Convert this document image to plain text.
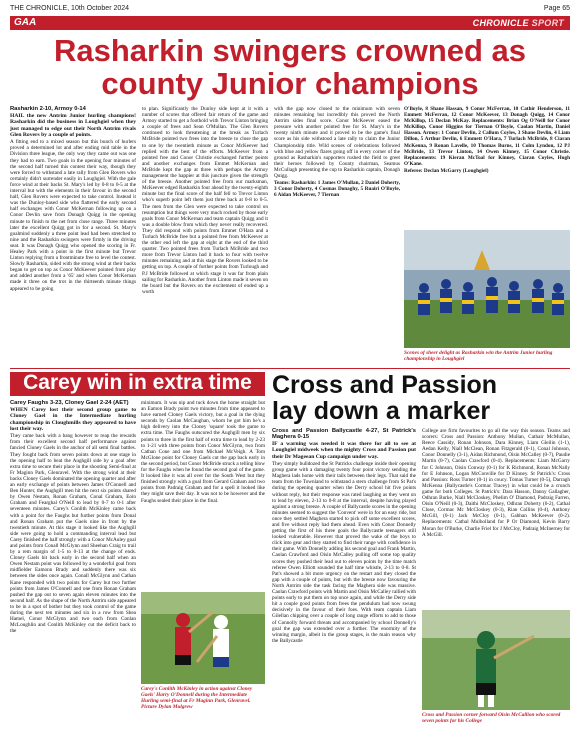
THE CHRONICLE, 10th October 2024	Page 65
GAA	CHRONICLE SPORT
Rasharkin swingers crowned as county Junior champions

Rasharkin 2-10, Armoy 0-14

HAIL the new Antrim Junior hurling champions! Rasharkin did the business in Loughgiel when they just managed to edge out their North Antrim rivals Glen Rovers by a couple of points.

A fitting end to a mixed season but this bunch of hurlers proved a determined lot and after ending mid table in the Division three league, the only way they came out was one they had to earn. Two goals in the opening four minutes of the second half turned this contest their way, though they were forced to withstand a late rally from Glen Rovers who certainly didn't surrender easily in Loughgiel. With the gale force wind at their backs St. Mary's led by 0-8 to 0-5 at the interval but with the elements in their favour in the second half, Glen Rovers were expected to take control. Instead it was the Dunloy-based side who flattered the early second half exchanges with Conor McKernan following up on a Conor Devlin save from Donagh Quigg in the opening minute to finish to the net from close range. Three minutes later the excellent Quigg got in for a second. St. Mary's goalmind suddenly a three point lead had been stretched to nine and the Rasharkin swingers were firmly in the driving seat. It was Donagh Quigg who opened the scoring in Fr. Healey Park with a point in the first minute but Trevor Linton replying from a frontminute free to level the contest. Slowly Rasharkin, sided with the strong wind at their backs began to get on top as Conor McKeever pointed from play and added another from a '65' and when Conor McKernan made it three on the trot in the thirteenth minute things appeared to be going

to plan. Significantly the Dunloy side kept at it with a number of scores that offered fair return of the game and Armoy started to get a foothold with Trevor Linton bringing a couple of frees and Sean O'Mullan. The Glen Rovers continued to look threatening at the break as Turlach McBride pointed two frees into the breeze to close the gap to one by the twentieth minute as Conor McKeever had replied with the best of the efforts. McKeever from a pointed free and Conor Christie exchanged further points and another exchanges from Emmet McKernan and McBride kept the gap at three with perhaps the Armoy management the happier at this juncture given the strength of the breeze. Another pointed free from our marksman, McKeever edged Rasharkin four ahead by the twenty-eighth minute but the final score of the half fell to Trevor Linton who's superb point left them just three back at 0-8 to 0-5. The men from the Glen were expected to take control on resumption but things were very much rocked by those early goals from Conor McKernan and team captain Quigg and it was a double blow from which they never really recovered. They did respond with points from Emmet O'Hara and a Turlach McBride free but a pointed free from McKeever at the other end left the gap at eight at the end of the third quarter. Two pointed frees from Turlach McBride and two more from Trevor Linton had it back to four with twelve minutes remaining and at this stage the Rovers looked to be getting on top. A couple of further points from Turlough and P.J McBride followed at which stage it was far from plain sailing for Rasharkin. Another from Linton made it seven on the board but the Rovers on the excitement of ended up a worth

with the gap now closed to the minimum with seven minutes remaining but incredibly this proved the North Antrim sides final score. Conor McKeever eased the pressure with another pointed free for St. Mary's in the twenty ninth minute and it proved to be the game's final score as his side withstood a late rally to claim the Junior Championship title. Wild scenes of celebrations followed with blue and yellow flares going off in every corner of the ground as Rasharkin's supporters rushed the field to greet their heroes followed by County chairman, Seamus McCullagh presenting the cup to Rasharkin captain, Donagh Quigg.

Teams: Rasharkin: 1 James O'Mullan, 2 Daniel Doherty, 3 Conor Doherty, 4 Cosmas Donaghy, 5 Ruairi O'Boyle, 6 Aidan McKeever, 7 Tiernan

O'Boyle, 8 Shane Hassan, 9 Conor McFerran, 10 Cathir Henderson, 11 Emmett McFerran, 12 Conor McKeever, 13 Donagh Quigg, 14 Conor McKillop, 15 Declan McKay. Replacements: Brian Og O'Neill for Conor McKillop, Conor Higgins for Tiernan O'Boyle, Caolan Martin, Daniel Hasson. Armoy: 1 Conor Devlin, 2 Callum Coyles, 3 Shane Devlin, 4 Liam Dillon, 5 Arthur Devlin, 6 Emmett O'Hara, 7 Turlach McBride, 8 Ciaran McKenna, 9 Ronan Lavelle, 10 Thomas Burns, 11 Colm Lyndon, 12 PJ McBride, 13 Trevor Linton, 14 Owen Kinney, 15 Conor Christie. Replacements: 19 Kieran McToal for Kinney, Ciaran Coyles, Hugh O'Kane.

Referee: Declan McGarry (Loughgiel)

Scenes of sheer delight as Rasharkin win the Antrim Junior hurling championship in Loughgiel
Carey win in extra time

Carey Faughs 3-23, Cloney Gael 2-24 (AET)

WHEN Carey lost their second group game to Cloney Gael in the Intermediate hurling championship in Cloughmills they appeared to have lost their way.

They came back with a bang however to reap the rewards from their excellent second half performance against fancied Cloney Gaels in the anchor of all semi final battles. They fought back from seven points down at one stage in the opening half to beat the Aughgill side by a goal after extra time to secure their place in the shooting Semi-final at Fr Maginn Park, Glenravel. With the strong wind at their backs Cloney Gaels dominated the opening quarter and after an early exchange of points between James O'Connell and Ben Hunter, the Aughgill men hit the next six points shared by Owen Nestam, Ronan Graham, Conal Graham, Eoin Graham and Fearghal O'Neill to lead by 0-7 to 0-1 after seventeen minutes. Carey's Conlith McKinley came back with a point for the Faughs but further points from Donal and Ronan Graham put the Gaels nine in front by the twentieth minute. At this stage it looked like the Aughgill side were going to hold a commanding interval lead but Carey finished the half strongly with a Conor McAuley goal and points from Conall McGlynn and Sheehan Craig to trail by a rem margin of 1-5 to 0-13 at the change of ends. Cloney Gaels hit back early in the second half when an Owen Nestam point was followed by a wonderful goal from midfielder Eamonn Brady and suddenly there was six between the sides once again. Conall McGlynn and Cathan Kane responded with two points for Carey but two further points from James O'Connell and one from Ronan Graham pushed the gap out to seven again eleven minutes into the second half. As the shape of the North Antrim side appeared to be in a spot of bother but they took control of the game during the next ten minutes and six in a row from Shea Hamel, Conor McGlynn and two each from Conlan McLoughlin and Conlith McKinley cut the deficit back to the

minimum. It was nip and tuck down the home straight but an Eamon Brady point two minutes from time appeared to have earned Cloney Gaels victory, but a goal in the dying seconds by Caolan McCaughan, whom he got him he's a high delivery into the Cloney 'square' took the game to extra time. The Faughs outscored the Aughgill men by six points to three in the first half of extra time to lead by 2-23 to 1-21 with three points from Conor McGlynn, two from Cathan Cone and one from Michael McVeigh. A Tom McGlone point for Cloney Gaels cut the gap back early in the second period, but Conor McBride struck a telling blow for the Faughs when he found the second goal of the game. It looked like it was all over for the South West but they finished strongly with a goal from Gerard Graham and two points from Padraig Graham and for a spell it looked like they might save their day. It was not to be however and the Faughs sealed their place in the final.

Carey's Conlith McKinley in action against Cloney Gaels' Harry O'Donnell during the Intermediate Hurling semi-final at Fr Maginn Park, Glenravel. Picture Dylan Mulgrew
Cross and Passion
lay down a marker

Cross and Passion Ballycastle 4-27, St Patrick's Maghera 0-15

IF a warning was needed it was there for all to see at Loughgiel midweek when the mighty Cross and Passion put their Dr Mageean Cup campaign under way.

They simply bulldozed the St Patricks challenge inside their opening group game with a damaging twenty four point victory sending the Maghera lads home with their tails between their legs. That said the team from the Townland to withstand a stern challenge from St Pat's during the opening quarter when the Derry school hit five points without reply, but their response was rated laughing as they went on to lead by eleven, 2-13 to 0-8 at the interval, despite having played against a strong breeze. A couple of Ballycastle scores in the opening minutes seemed to suggest the 'Convent' were in for an easy ride, but once they settled Maghera started to pick off some excellent scores, and five without reply had them ahead. Even with Conor Donnelly getting the first of his three goals the Ballycastle teenagers still looked vulnerable. However that proved the wake of the boys to click into gear and they started to find their range with confidence in their game. With Donnelly adding his second goal and Frank Martin, Caolan Crawford and Oisin McCalley pulling off some top quality scores they pushed their lead out to eleven points by the time match referee Owen Elliott sounded the half time whistle, 2-13 to 0-8. St Pat's showed a bit more urgency on the restart and they closed the gap with a couple of points, but with the breeze now favouring the North Antrim side the task facing the Maghera side was massive. Caolan Crawford points with Martin and Oisin McCalley rallied with points early to put them on top once again, and while the Derry side hit a couple good points from frees the pendulum had now swung decisively in the favour of their foes. With team captain Liam Gilellan chipping over a couple of long range efforts to add to those of Connolly forward threats and accompanied by school Donnelly's goal the gap was extended over a further. The enormity of the winning margin, albeit in the group stages, is the main reason why the Ballycastle

College are firm favourites to go all the way this season. Teams and scorers: Cross and Passion: Anthony Mullan, Cathair McMullan, Reece Cassidy, Ronan Johnson, Dara Kinney, Liam Gleilin (1-1), Aedan Kelly, Niall McClean, Ronan Fitzgerald (0-1), Conal Johnson, Conor Donnelly (3-1), Aidan Richmond, Oisin McCalley (0-7), Paudie Martin (0-7), Caolan Crawford (0-4). Replacements: Liam McGarry for C Johnson, Oisin Conway (0-1) for K Richmond, Ronan McNally for E Johnson, Logan McConville for D Kinney. St Patrick's: Cross and Passion: Ross Turner (0-1) in coucy. Tomas Turner (0-5), Darragh McKenna (Ballycastle's Cormac Tracey) in what could be a crunch game for both Colleges. St Patrick's: Dara Hasson, Danny Gallagher, Odhran Burke, Niall McCloskey, Phelim O' Diamond, Padraig Farren, Oisin O'Neill (0-3), Daithi McCloskey, Odhran Doherty (0-2), Cathal Close, Cormac Mc McCloskey (0-3), Rian Collins (0-4), Anthony McGill, (0-1) Jack McCloy (0-1), Gabhan McKeever (0-2). Replacements: Cathal Mulholland for P Or Diamond, Kevin Barry Moran for O'Burke, Charlie Friel for J McCloy, Padraig McInerney for A McGill.

Cross and Passion corner forward Oisin McCallion who scored seven points for his College
